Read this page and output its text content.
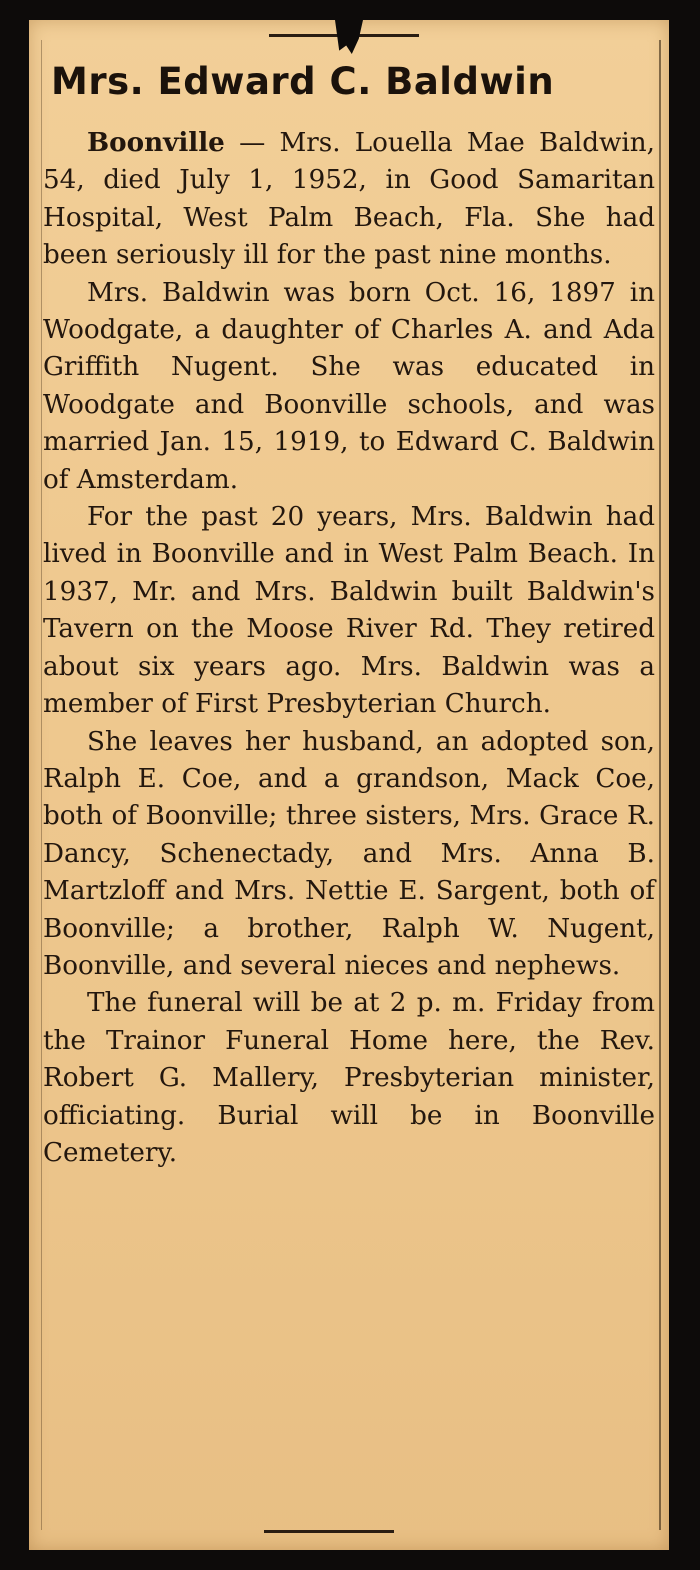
Mrs. Edward C. Baldwin

Boonville — Mrs. Louella Mae Baldwin, 54, died July 1, 1952, in Good Samaritan Hospital, West Palm Beach, Fla. She had been seriously ill for the past nine months.

Mrs. Baldwin was born Oct. 16, 1897 in Woodgate, a daughter of Charles A. and Ada Griffith Nugent. She was educated in Woodgate and Boonville schools, and was married Jan. 15, 1919, to Edward C. Baldwin of Amsterdam.

For the past 20 years, Mrs. Baldwin had lived in Boonville and in West Palm Beach. In 1937, Mr. and Mrs. Baldwin built Baldwin's Tavern on the Moose River Rd. They retired about six years ago. Mrs. Baldwin was a member of First Presbyterian Church.

She leaves her husband, an adopted son, Ralph E. Coe, and a grandson, Mack Coe, both of Boonville; three sisters, Mrs. Grace R. Dancy, Schenectady, and Mrs. Anna B. Martzloff and Mrs. Nettie E. Sargent, both of Boonville; a brother, Ralph W. Nugent, Boonville, and several nieces and nephews.

The funeral will be at 2 p. m. Friday from the Trainor Funeral Home here, the Rev. Robert G. Mallery, Presbyterian minister, officiating. Burial will be in Boonville Cemetery.
